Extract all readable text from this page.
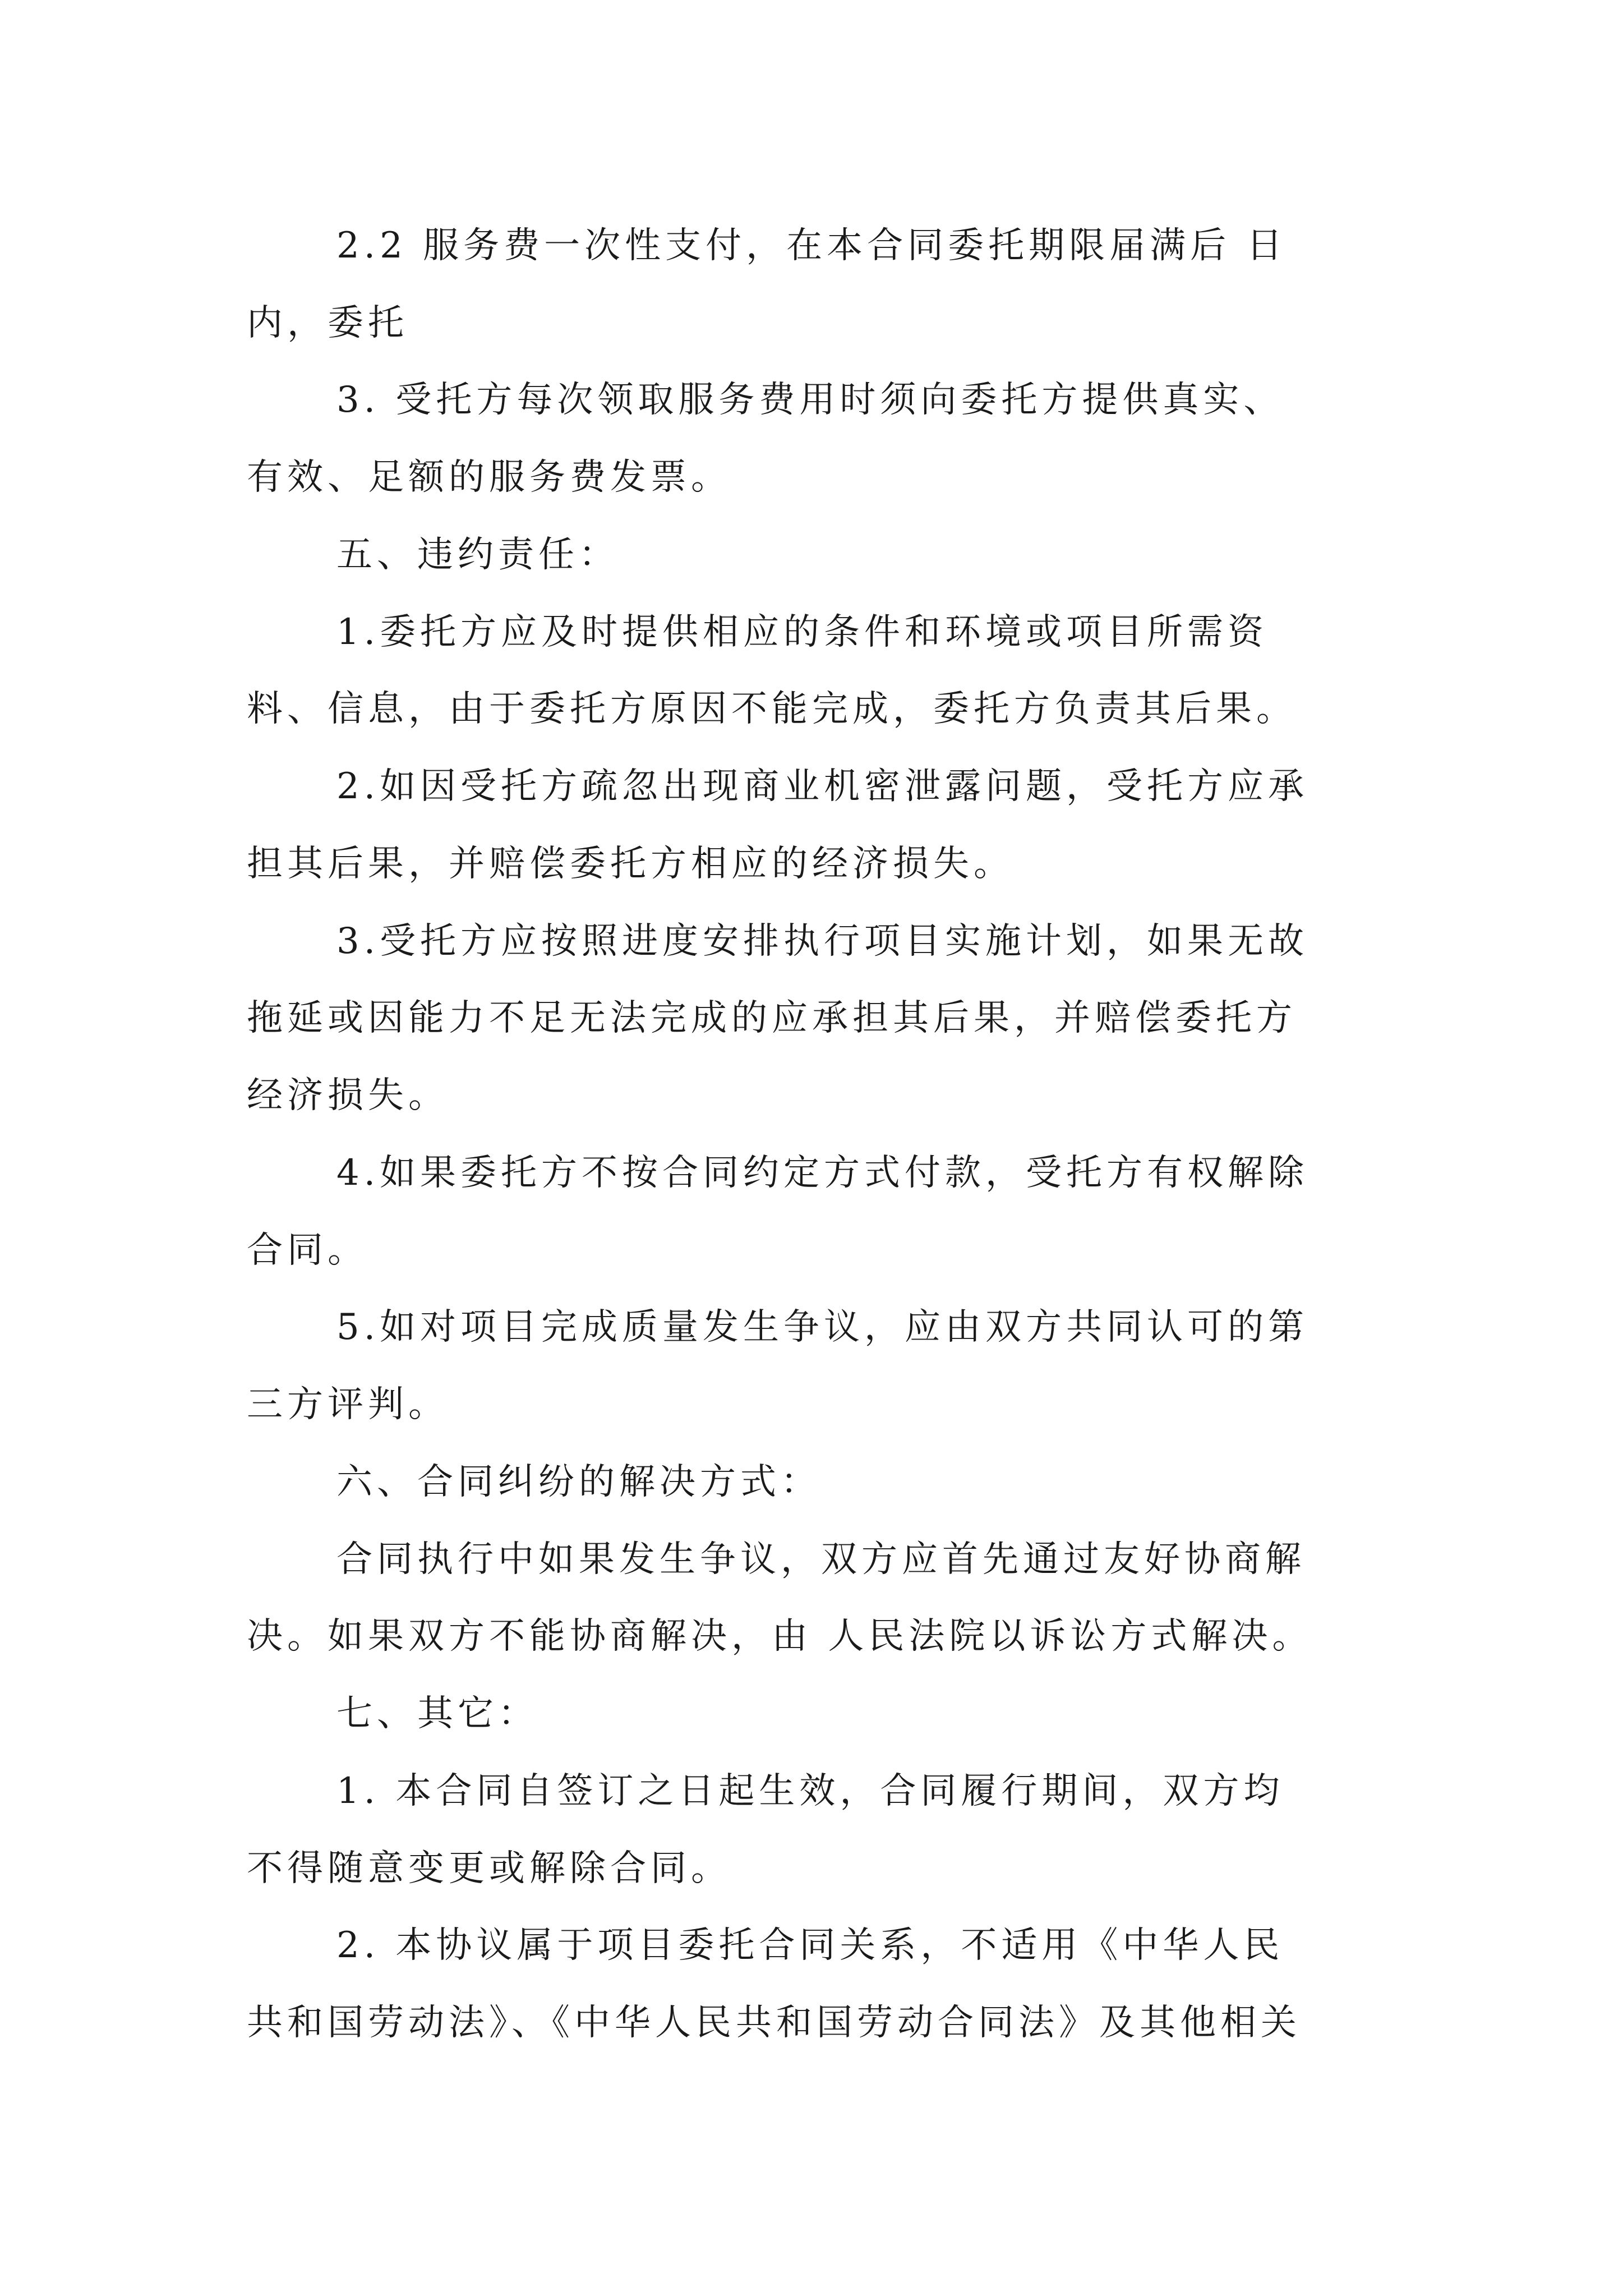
2.2 服务费一次性支付，在本合同委托期限届满后 日
内，委托
3. 受托方每次领取服务费用时须向委托方提供真实、
有效、足额的服务费发票。
五、违约责任：
1.委托方应及时提供相应的条件和环境或项目所需资
料、信息，由于委托方原因不能完成，委托方负责其后果。
2.如因受托方疏忽出现商业机密泄露问题，受托方应承
担其后果，并赔偿委托方相应的经济损失。
3.受托方应按照进度安排执行项目实施计划，如果无故
拖延或因能力不足无法完成的应承担其后果，并赔偿委托方
经济损失。
4.如果委托方不按合同约定方式付款，受托方有权解除
合同。
5.如对项目完成质量发生争议，应由双方共同认可的第
三方评判。
六、合同纠纷的解决方式：
合同执行中如果发生争议，双方应首先通过友好协商解
决。如果双方不能协商解决，由 人民法院以诉讼方式解决。
七、其它：
1. 本合同自签订之日起生效，合同履行期间，双方均
不得随意变更或解除合同。
2. 本协议属于项目委托合同关系，不适用《中华人民
共和国劳动法》、《中华人民共和国劳动合同法》及其他相关
